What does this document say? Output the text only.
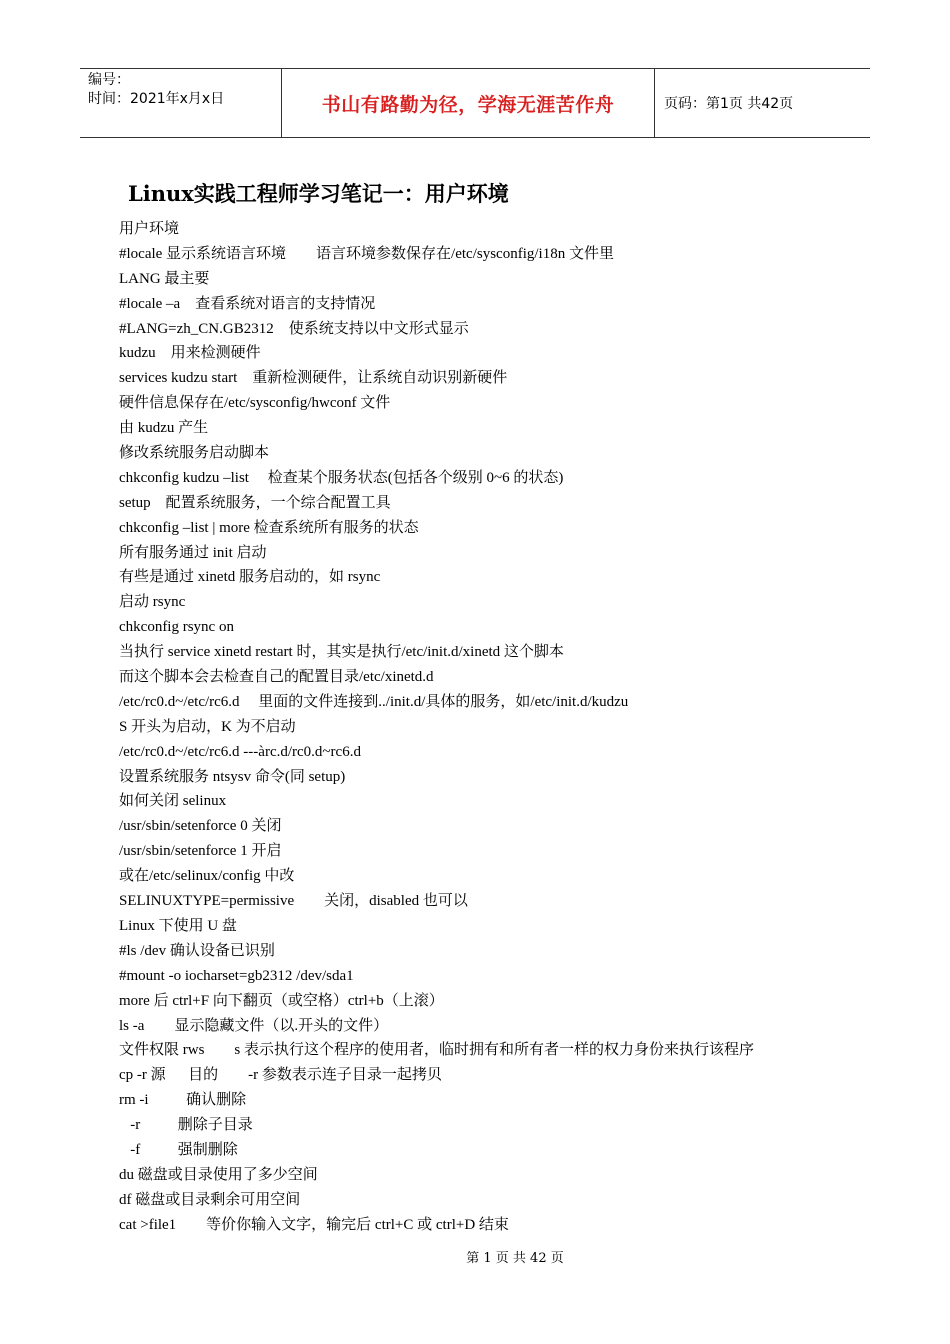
编号：
时间：2021年x月x日	书山有路勤为径，学海无涯苦作舟	页码：第1页 共42页
Linux实践工程师学习笔记一：用户环境
用户环境
#locale 显示系统语言环境        语言环境参数保存在/etc/sysconfig/i18n 文件里
LANG 最主要
#locale –a    查看系统对语言的支持情况
#LANG=zh_CN.GB2312    使系统支持以中文形式显示
kudzu    用来检测硬件
services kudzu start    重新检测硬件，让系统自动识别新硬件
硬件信息保存在/etc/sysconfig/hwconf 文件
由 kudzu 产生
修改系统服务启动脚本
chkconfig kudzu –list     检查某个服务状态(包括各个级别 0~6 的状态)
setup    配置系统服务，一个综合配置工具
chkconfig –list | more 检查系统所有服务的状态
所有服务通过 init 启动
有些是通过 xinetd 服务启动的，如 rsync
启动 rsync
chkconfig rsync on
当执行 service xinetd restart 时，其实是执行/etc/init.d/xinetd 这个脚本
而这个脚本会去检查自己的配置目录/etc/xinetd.d
/etc/rc0.d~/etc/rc6.d     里面的文件连接到../init.d/具体的服务，如/etc/init.d/kudzu
S 开头为启动，K 为不启动
/etc/rc0.d~/etc/rc6.d ---àrc.d/rc0.d~rc6.d
设置系统服务 ntsysv 命令(同 setup)
如何关闭 selinux
/usr/sbin/setenforce 0 关闭
/usr/sbin/setenforce 1 开启
或在/etc/selinux/config 中改
SELINUXTYPE=permissive        关闭，disabled 也可以
Linux 下使用 U 盘
#ls /dev 确认设备已识别
#mount -o iocharset=gb2312 /dev/sda1
more 后 ctrl+F 向下翻页（或空格）ctrl+b（上滚）
ls -a        显示隐藏文件（以.开头的文件）
文件权限 rws        s 表示执行这个程序的使用者，临时拥有和所有者一样的权力身份来执行该程序
cp -r 源      目的        -r 参数表示连子目录一起拷贝
rm -i          确认删除
-r          删除子目录
-f          强制删除
du 磁盘或目录使用了多少空间
df 磁盘或目录剩余可用空间
cat >file1        等价你输入文字，输完后 ctrl+C 或 ctrl+D 结束
第 1 页 共 42 页
